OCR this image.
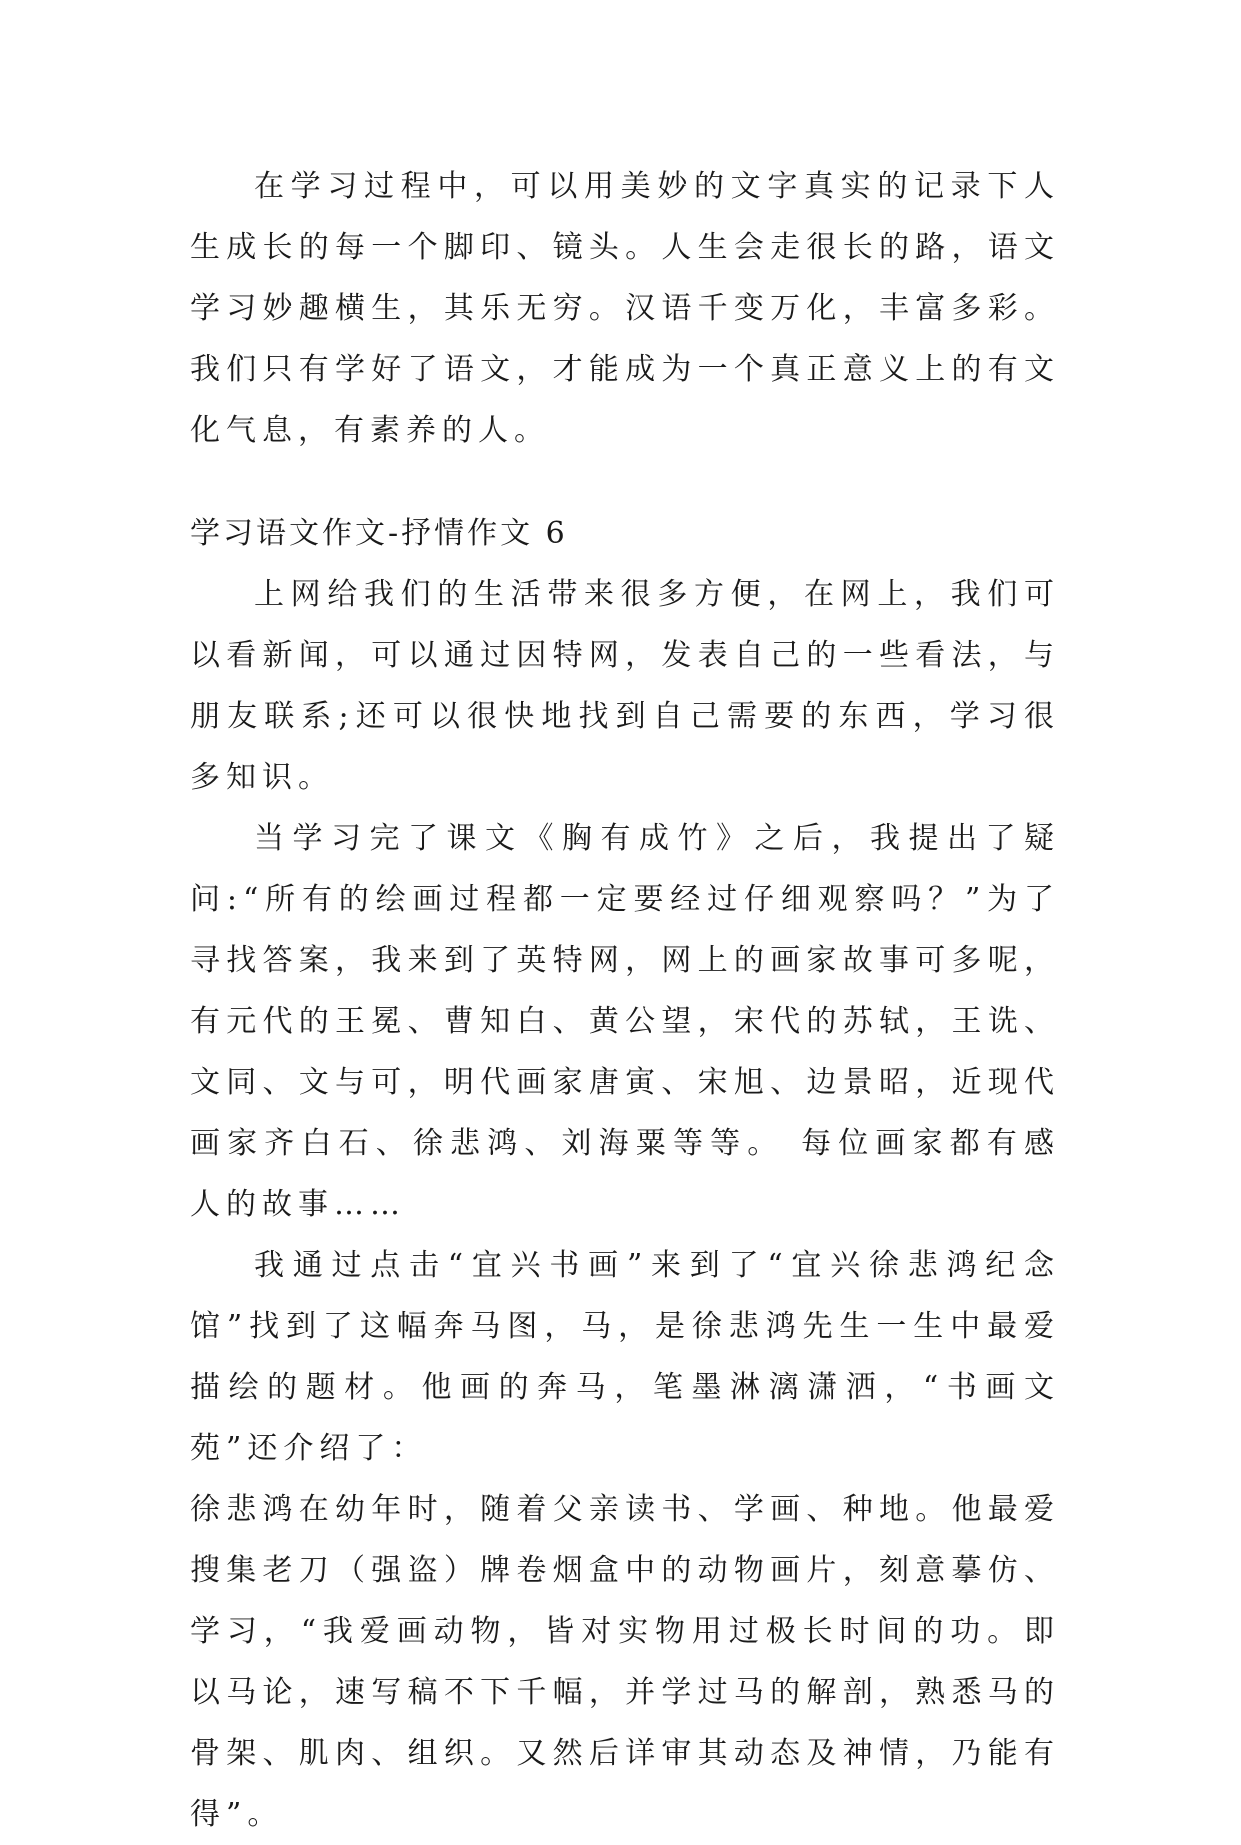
在学习过程中，可以用美妙的文字真实的记录下人生成长的每一个脚印、镜头。人生会走很长的路，语文学习妙趣横生，其乐无穷。汉语千变万化，丰富多彩。我们只有学好了语文，才能成为一个真正意义上的有文化气息，有素养的人。

学习语文作文-抒情作文 6

上网给我们的生活带来很多方便，在网上，我们可以看新闻，可以通过因特网，发表自己的一些看法，与朋友联系;还可以很快地找到自己需要的东西，学习很多知识。

当学习完了课文《胸有成竹》之后，我提出了疑问:“所有的绘画过程都一定要经过仔细观察吗？”为了寻找答案，我来到了英特网，网上的画家故事可多呢，有元代的王冕、曹知白、黄公望，宋代的苏轼，王诜、文同、文与可，明代画家唐寅、宋旭、边景昭，近现代画家齐白石、徐悲鸿、刘海粟等等。 每位画家都有感人的故事……

我通过点击“宜兴书画”来到了“宜兴徐悲鸿纪念馆”找到了这幅奔马图，马，是徐悲鸿先生一生中最爱描绘的题材。他画的奔马，笔墨淋漓潇洒，“书画文苑”还介绍了：

徐悲鸿在幼年时，随着父亲读书、学画、种地。他最爱搜集老刀（强盗）牌卷烟盒中的动物画片，刻意摹仿、学习，“我爱画动物，皆对实物用过极长时间的功。即以马论，速写稿不下千幅，并学过马的解剖，熟悉马的骨架、肌肉、组织。又然后详审其动态及神情，乃能有得”。
